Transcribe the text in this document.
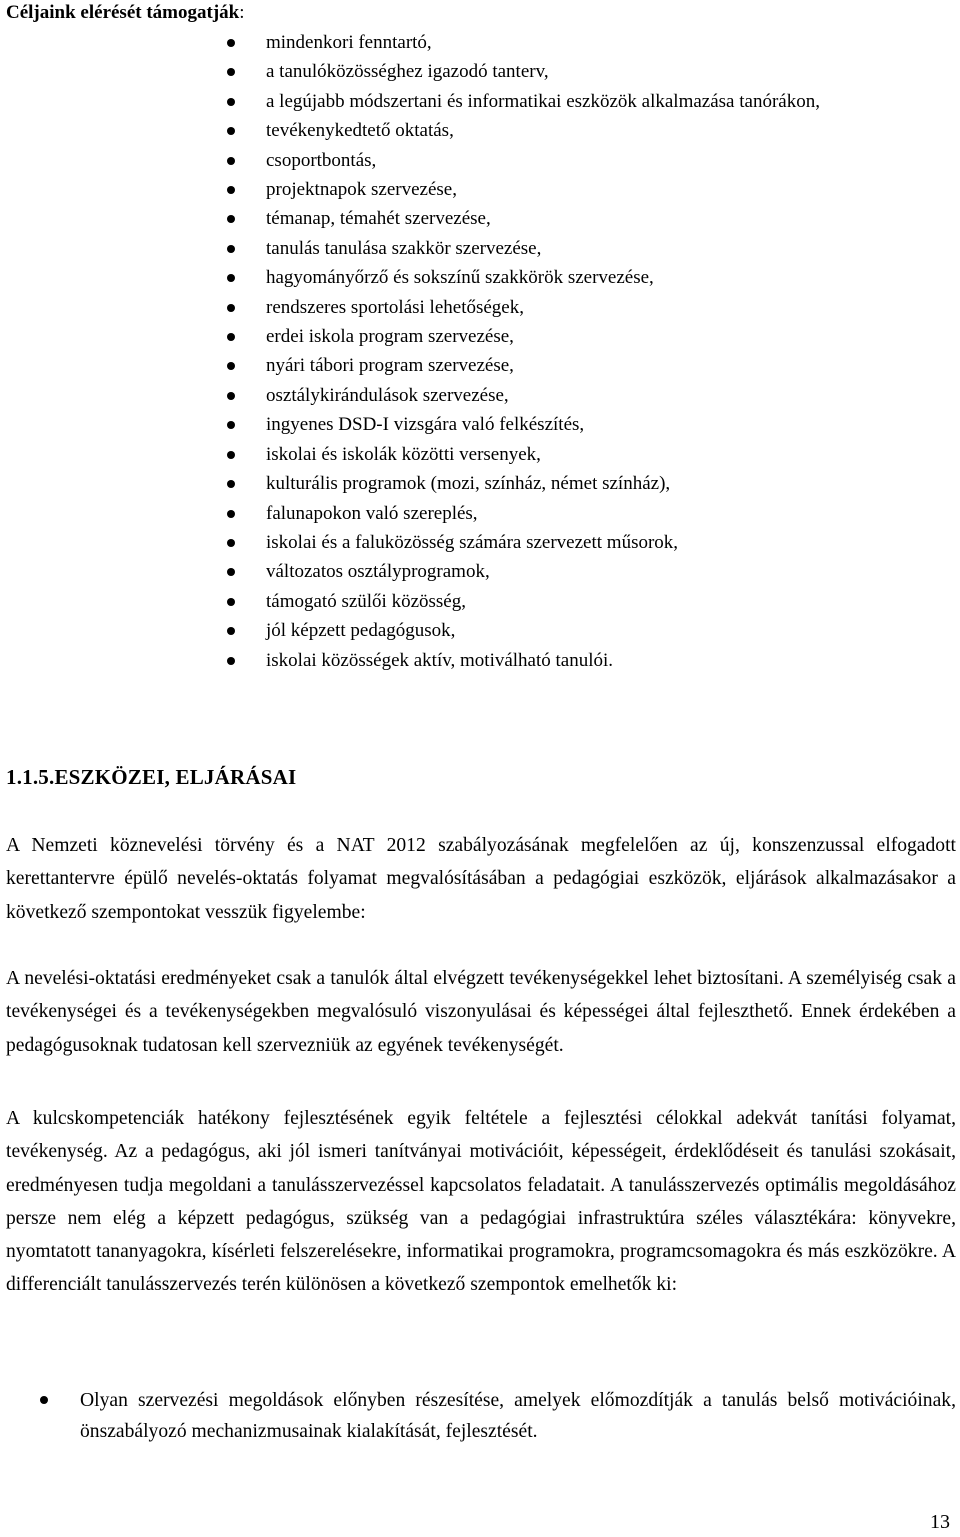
Céljaink elérését támogatják:
mindenkori fenntartó,
a tanulóközösséghez igazodó tanterv,
a legújabb módszertani és informatikai eszközök alkalmazása tanórákon,
tevékenykedtető oktatás,
csoportbontás,
projektnapok szervezése,
témanap, témahét szervezése,
tanulás tanulása szakkör szervezése,
hagyományőrző és sokszínű szakkörök szervezése,
rendszeres sportolási lehetőségek,
erdei iskola program szervezése,
nyári tábori program szervezése,
osztálykirándulások szervezése,
ingyenes DSD-I vizsgára való felkészítés,
iskolai és iskolák közötti versenyek,
kulturális programok (mozi, színház, német színház),
falunapokon való szereplés,
iskolai és a faluközösség számára szervezett műsorok,
változatos osztályprogramok,
támogató szülői közösség,
jól képzett pedagógusok,
iskolai közösségek aktív, motiválható tanulói.
1.1.5.ESZKÖZEI, ELJÁRÁSAI

A Nemzeti köznevelési törvény és a NAT 2012 szabályozásának megfelelően az új, konszenzussal elfogadott kerettantervre épülő nevelés-oktatás folyamat megvalósításában a pedagógiai eszközök, eljárások alkalmazásakor a következő szempontokat vesszük figyelembe:

A nevelési-oktatási eredményeket csak a tanulók által elvégzett tevékenységekkel lehet biztosítani. A személyiség csak a tevékenységei és a tevékenységekben megvalósuló viszonyulásai és képességei által fejleszthető. Ennek érdekében a pedagógusoknak tudatosan kell szervezniük az egyének tevékenységét.

A kulcskompetenciák hatékony fejlesztésének egyik feltétele a fejlesztési célokkal adekvát tanítási folyamat, tevékenység. Az a pedagógus, aki jól ismeri tanítványai motivációit, képességeit, érdeklődéseit és tanulási szokásait, eredményesen tudja megoldani a tanulásszervezéssel kapcsolatos feladatait. A tanulásszervezés optimális megoldásához persze nem elég a képzett pedagógus, szükség van a pedagógiai infrastruktúra széles választékára: könyvekre, nyomtatott tananyagokra, kísérleti felszerelésekre, informatikai programokra, programcsomagokra és más eszközökre. A differenciált tanulásszervezés terén különösen a következő szempontok emelhetők ki:

Olyan szervezési megoldások előnyben részesítése, amelyek előmozdítják a tanulás belső motivációinak, önszabályozó mechanizmusainak kialakítását, fejlesztését.
13
